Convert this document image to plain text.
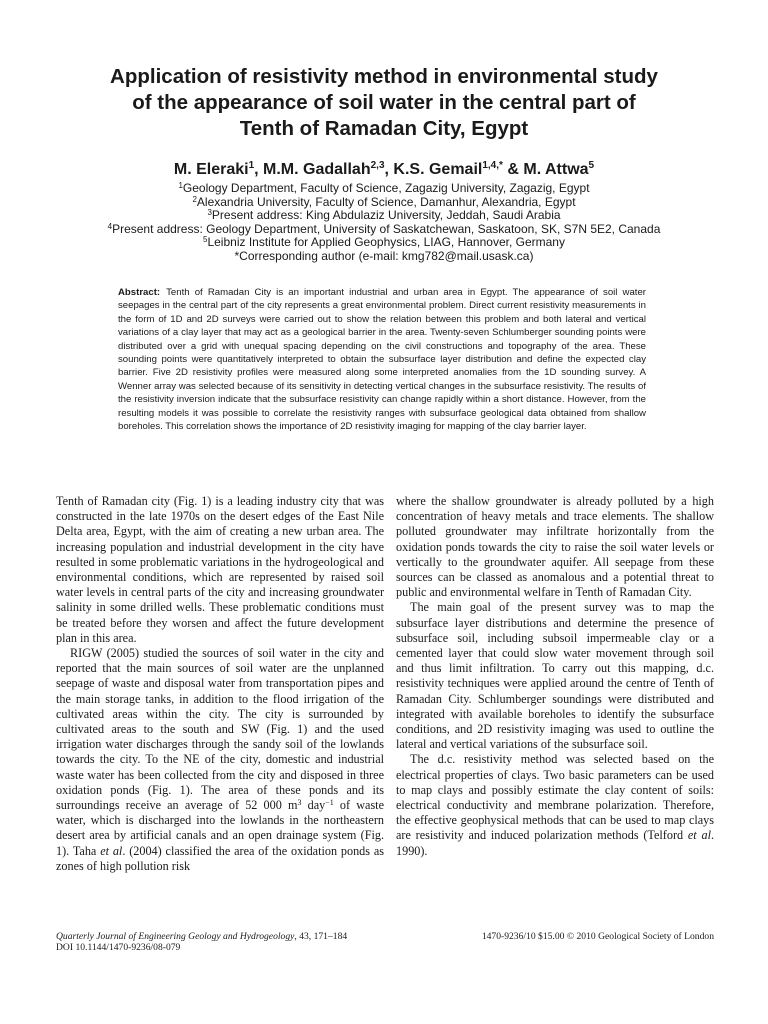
Application of resistivity method in environmental study
of the appearance of soil water in the central part of
Tenth of Ramadan City, Egypt
M. Eleraki$^1$, M.M. Gadallah$^{2,3}$, K.S. Gemail$^{1,4,*}$ & M. Attwa$^5$
$^1$Geology Department, Faculty of Science, Zagazig University, Zagazig, Egypt
$^2$Alexandria University, Faculty of Science, Damanhur, Alexandria, Egypt
$^3$Present address: King Abdulaziz University, Jeddah, Saudi Arabia
$^4$Present address: Geology Department, University of Saskatchewan, Saskatoon, SK, S7N 5E2, Canada
$^5$Leibniz Institute for Applied Geophysics, LIAG, Hannover, Germany
*Corresponding author (e-mail: kmg782@mail.usask.ca)
Abstract: Tenth of Ramadan City is an important industrial and urban area in Egypt. The appearance of soil water seepages in the central part of the city represents a great environmental problem. Direct current resistivity measurements in the form of 1D and 2D surveys were carried out to show the relation between this problem and both lateral and vertical variations of a clay layer that may act as a geological barrier in the area. Twenty-seven Schlumberger sounding points were distributed over a grid with unequal spacing depending on the civil constructions and topography of the area. These sounding points were quantitatively interpreted to obtain the subsurface layer distribution and define the expected clay barrier. Five 2D resistivity profiles were measured along some interpreted anomalies from the 1D sounding survey. A Wenner array was selected because of its sensitivity in detecting vertical changes in the subsurface resistivity. The results of the resistivity inversion indicate that the subsurface resistivity can change rapidly within a short distance. However, from the resulting models it was possible to correlate the resistivity ranges with subsurface geological data obtained from shallow boreholes. This correlation shows the importance of 2D resistivity imaging for mapping of the clay barrier layer.

Tenth of Ramadan city (Fig. 1) is a leading industry city that was constructed in the late 1970s on the desert edges of the East Nile Delta area, Egypt, with the aim of creating a new urban area. The increasing population and industrial development in the city have resulted in some problematic variations in the hydrogeological and environmental conditions, which are represented by raised soil water levels in central parts of the city and increasing groundwater salinity in some drilled wells. These problematic conditions must be treated before they worsen and affect the future development plan in this area.

RIGW (2005) studied the sources of soil water in the city and reported that the main sources of soil water are the unplanned seepage of waste and disposal water from transportation pipes and the main storage tanks, in addition to the flood irrigation of the cultivated areas within the city. The city is surrounded by cultivated areas to the south and SW (Fig. 1) and the used irrigation water discharges through the sandy soil of the lowlands towards the city. To the NE of the city, domestic and industrial waste water has been collected from the city and disposed in three oxidation ponds (Fig. 1). The area of these ponds and its surroundings receive an average of 52 000 $m^3$ day$^{-1}$ of waste water, which is discharged into the lowlands in the northeastern desert area by artificial canals and an open drainage system (Fig. 1). Taha et al. (2004) classified the area of the oxidation ponds as zones of high pollution risk

where the shallow groundwater is already polluted by a high concentration of heavy metals and trace elements. The shallow polluted groundwater may infiltrate horizontally from the oxidation ponds towards the city to raise the soil water levels or vertically to the groundwater aquifer. All seepage from these sources can be classed as anomalous and a potential threat to public and environmental welfare in Tenth of Ramadan City.

The main goal of the present survey was to map the subsurface layer distributions and determine the presence of subsurface soil, including subsoil impermeable clay or a cemented layer that could slow water movement through soil and thus limit infiltration. To carry out this mapping, d.c. resistivity techniques were applied around the centre of Tenth of Ramadan City. Schlumberger soundings were distributed and integrated with available boreholes to identify the subsurface conditions, and 2D resistivity imaging was used to outline the lateral and vertical variations of the subsurface soil.

The d.c. resistivity method was selected based on the electrical properties of clays. Two basic parameters can be used to map clays and possibly estimate the clay content of soils: electrical conductivity and membrane polarization. Therefore, the effective geophysical methods that can be used to map clays are resistivity and induced polarization methods (Telford et al. 1990).

Quarterly Journal of Engineering Geology and Hydrogeology, 43, 171–184
DOI 10.1144/1470-9236/08-079
1470-9236/10 $15.00 © 2010 Geological Society of London
